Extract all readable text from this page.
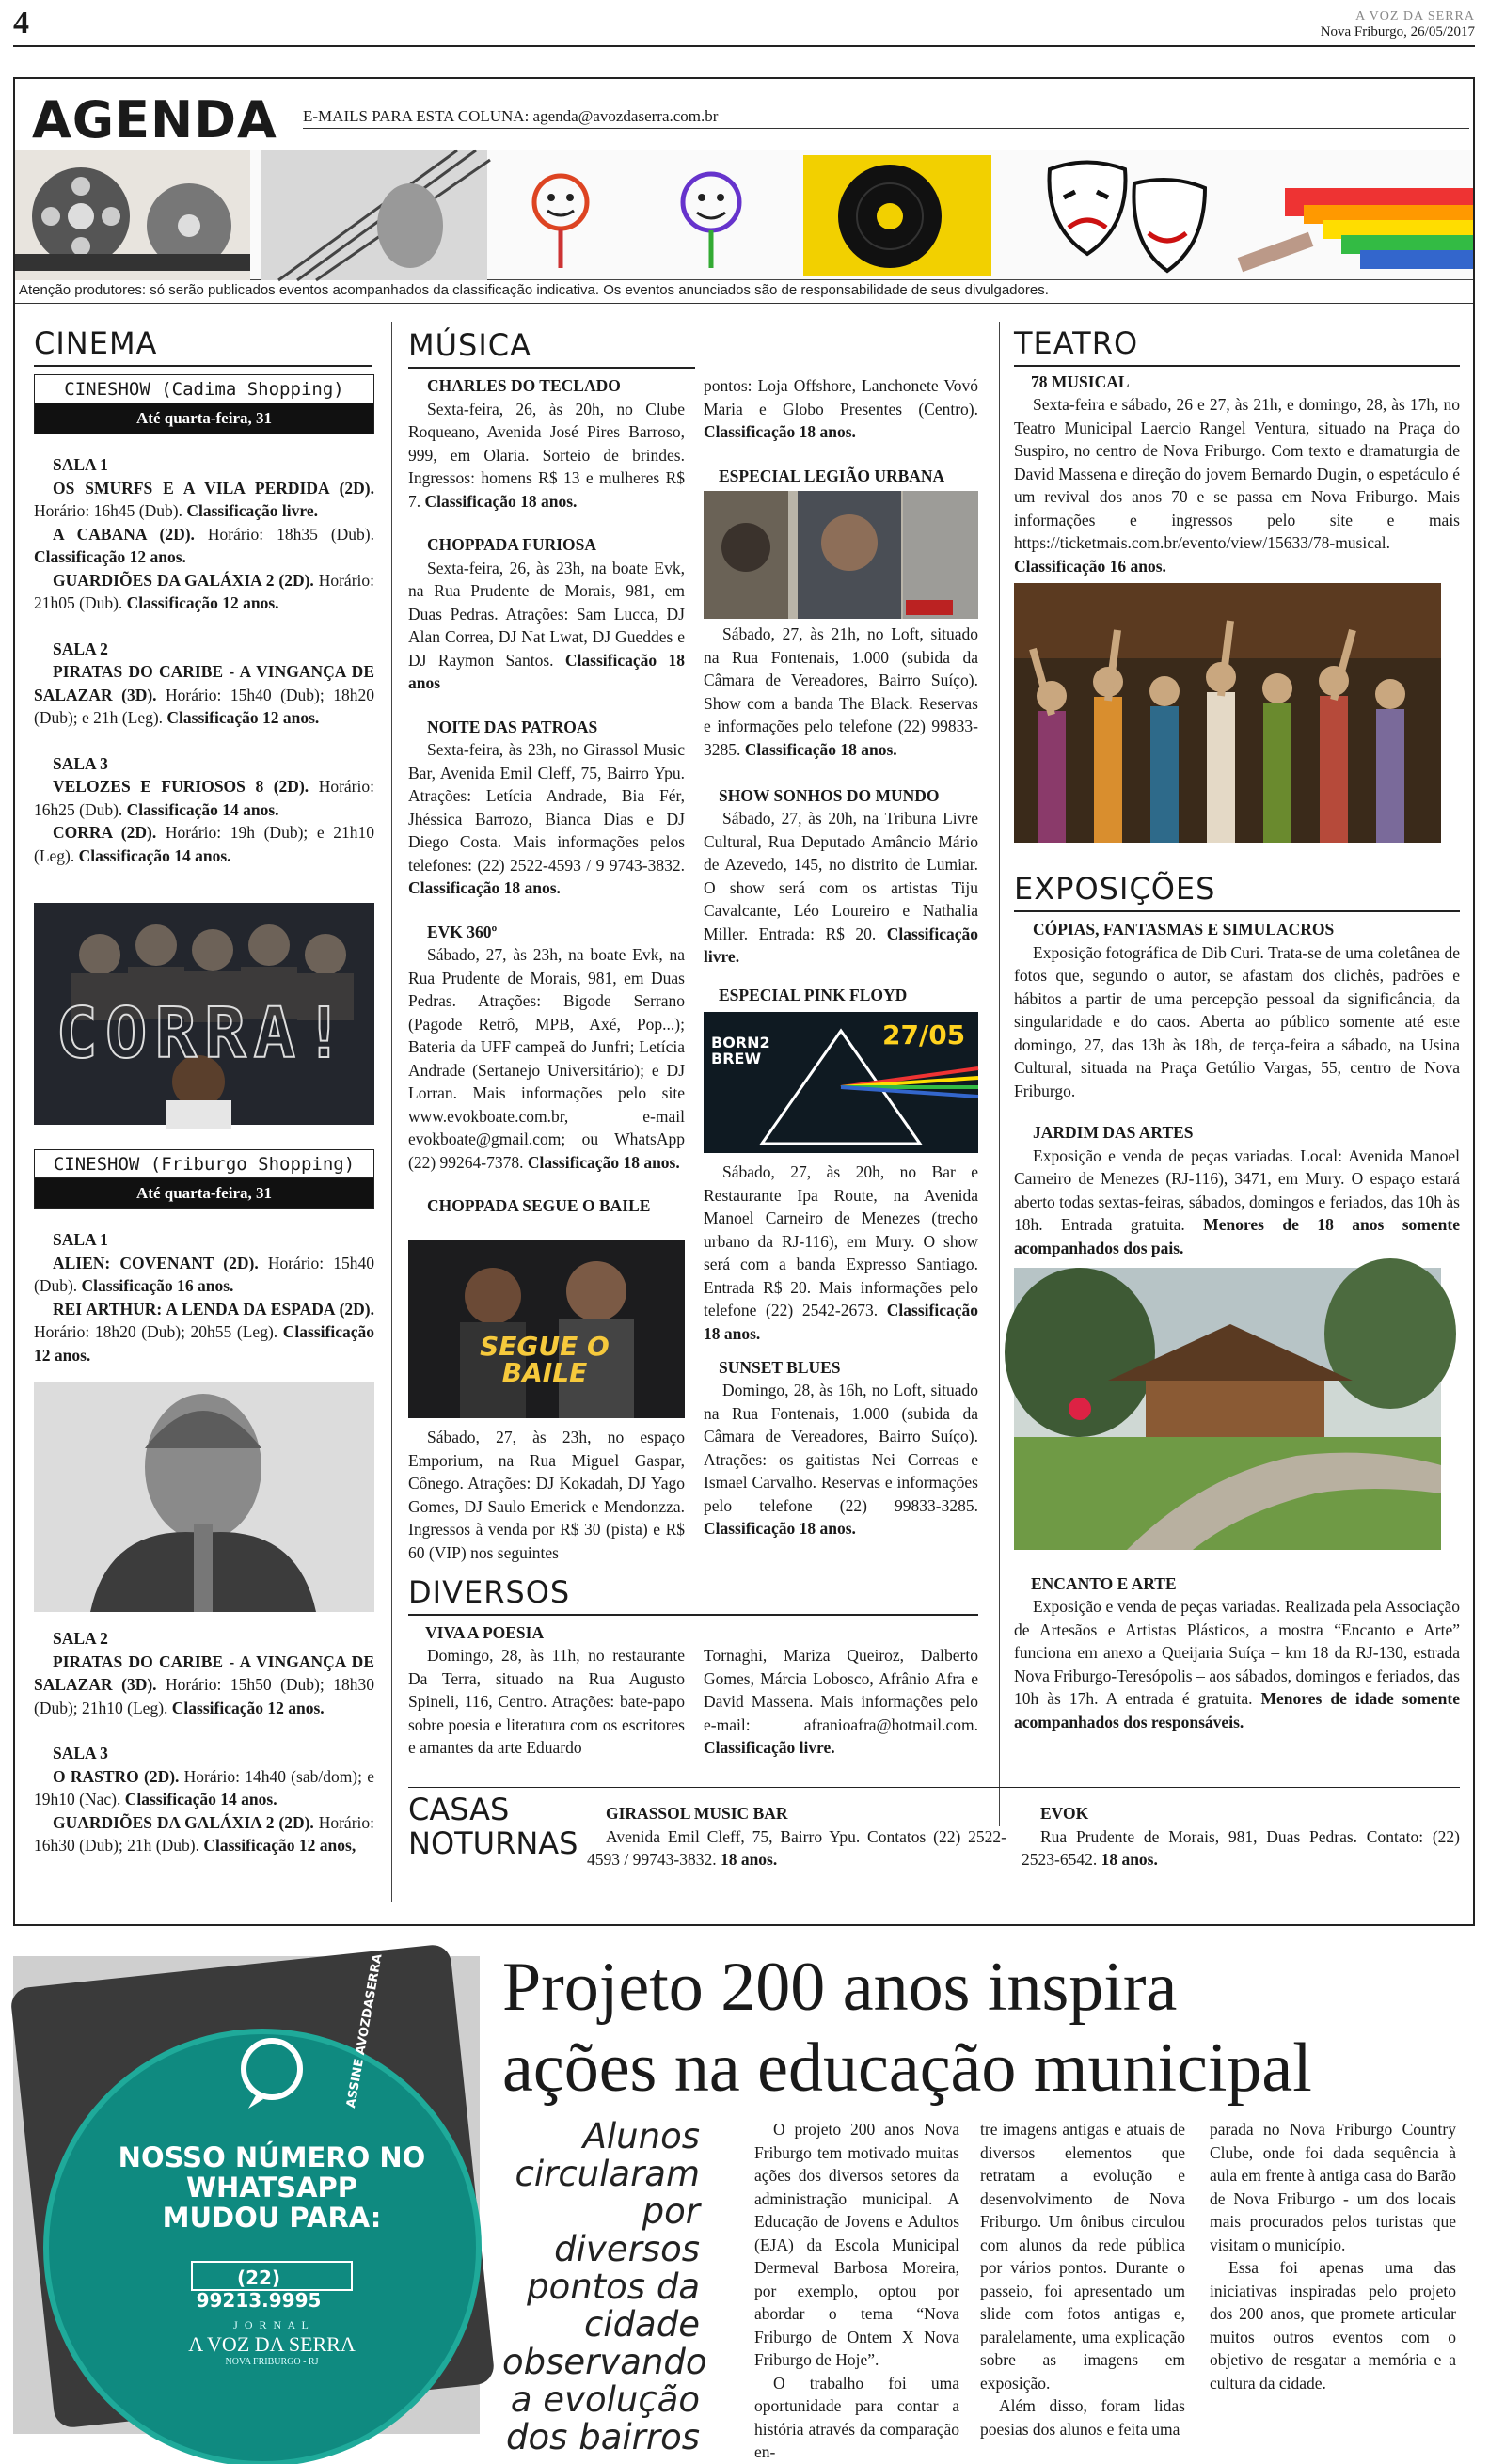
4	A VOZ DA SERRA
Nova Friburgo, 26/05/2017
AGENDA E-MAILS PARA ESTA COLUNA: agenda@avozdaserra.com.br
Atenção produtores: só serão publicados eventos acompanhados da classificação indicativa. Os eventos anunciados são de responsabilidade de seus divulgadores.
CINEMA
CINESHOW (Cadima Shopping)
Até quarta-feira, 31
SALA 1
OS SMURFS E A VILA PERDIDA (2D). Horário: 16h45 (Dub). Classificação livre.
A CABANA (2D). Horário: 18h35 (Dub). Classificação 12 anos.
GUARDIÕES DA GALÁXIA 2 (2D). Horário: 21h05 (Dub). Classificação 12 anos.
SALA 2
PIRATAS DO CARIBE - A VINGANÇA DE SALAZAR (3D). Horário: 15h40 (Dub); 18h20 (Dub); e 21h (Leg). Classificação 12 anos.
SALA 3
VELOZES E FURIOSOS 8 (2D). Horário: 16h25 (Dub). Classificação 14 anos.
CORRA (2D). Horário: 19h (Dub); e 21h10 (Leg). Classificação 14 anos.
CORRA!
CINESHOW (Friburgo Shopping)
Até quarta-feira, 31
SALA 1
ALIEN: COVENANT (2D). Horário: 15h40 (Dub). Classificação 16 anos.
REI ARTHUR: A LENDA DA ESPADA (2D). Horário: 18h20 (Dub); 20h55 (Leg). Classificação 12 anos.
SALA 2
PIRATAS DO CARIBE - A VINGANÇA DE SALAZAR (3D). Horário: 15h50 (Dub); 18h30 (Dub); 21h10 (Leg). Classificação 12 anos.
SALA 3
O RASTRO (2D). Horário: 14h40 (sab/dom); e 19h10 (Nac). Classificação 14 anos.
GUARDIÕES DA GALÁXIA 2 (2D). Horário: 16h30 (Dub); 21h (Dub). Classificação 12 anos,
MÚSICA
CHARLES DO TECLADO
Sexta-feira, 26, às 20h, no Clube Roqueano, Avenida José Pires Barroso, 999, em Olaria. Sorteio de brindes. Ingressos: homens R$ 13 e mulheres R$ 7. Classificação 18 anos.
CHOPPADA FURIOSA
Sexta-feira, 26, às 23h, na boate Evk, na Rua Prudente de Morais, 981, em Duas Pedras. Atrações: Sam Lucca, DJ Alan Correa, DJ Nat Lwat, DJ Gueddes e DJ Raymon Santos. Classificação 18 anos
NOITE DAS PATROAS
Sexta-feira, às 23h, no Girassol Music Bar, Avenida Emil Cleff, 75, Bairro Ypu. Atrações: Letícia Andrade, Bia Fér, Jhéssica Barrozo, Bianca Dias e DJ Diego Costa. Mais informações pelos telefones: (22) 2522-4593 / 9 9743-3832. Classificação 18 anos.
EVK 360º
Sábado, 27, às 23h, na boate Evk, na Rua Prudente de Morais, 981, em Duas Pedras. Atrações: Bigode Serrano (Pagode Retrô, MPB, Axé, Pop...); Bateria da UFF campeã do Junfri; Letícia Andrade (Sertanejo Universitário); e DJ Lorran. Mais informações pelo site www.evokboate.com.br, e-mail evokboate@gmail.com; ou WhatsApp (22) 99264-7378. Classificação 18 anos.
CHOPPADA SEGUE O BAILE
SEGUE O BAILE
Sábado, 27, às 23h, no espaço Emporium, na Rua Miguel Gaspar, Cônego. Atrações: DJ Kokadah, DJ Yago Gomes, DJ Saulo Emerick e Mendonzza. Ingressos à venda por R$ 30 (pista) e R$ 60 (VIP) nos seguintes
pontos: Loja Offshore, Lanchonete Vovó Maria e Globo Presentes (Centro). Classificação 18 anos.
ESPECIAL LEGIÃO URBANA
Sábado, 27, às 21h, no Loft, situado na Rua Fontenais, 1.000 (subida da Câmara de Vereadores, Bairro Suíço). Show com a banda The Black. Reservas e informações pelo telefone (22) 99833-3285. Classificação 18 anos.
SHOW SONHOS DO MUNDO
Sábado, 27, às 20h, na Tribuna Livre Cultural, Rua Deputado Amâncio Mário de Azevedo, 145, no distrito de Lumiar. O show será com os artistas Tiju Cavalcante, Léo Loureiro e Nathalia Miller. Entrada: R$ 20. Classificação livre.
ESPECIAL PINK FLOYD
27/05
BORN2 BREW
Sábado, 27, às 20h, no Bar e Restaurante Ipa Route, na Avenida Manoel Carneiro de Menezes (trecho urbano da RJ-116), em Mury. O show será com a banda Expresso Santiago. Entrada R$ 20. Mais informações pelo telefone (22) 2542-2673. Classificação 18 anos.
SUNSET BLUES
Domingo, 28, às 16h, no Loft, situado na Rua Fontenais, 1.000 (subida da Câmara de Vereadores, Bairro Suíço). Atrações: os gaitistas Nei Correas e Ismael Carvalho. Reservas e informações pelo telefone (22) 99833-3285. Classificação 18 anos.
TEATRO
78 MUSICAL
Sexta-feira e sábado, 26 e 27, às 21h, e domingo, 28, às 17h, no Teatro Municipal Laercio Rangel Ventura, situado na Praça do Suspiro, no centro de Nova Friburgo. Com texto e dramaturgia de David Massena e direção do jovem Bernardo Dugin, o espetáculo é um revival dos anos 70 e se passa em Nova Friburgo. Mais informações e ingressos pelo site e mais https://ticketmais.com.br/evento/view/15633/78-musical. Classificação 16 anos.
EXPOSIÇÕES
CÓPIAS, FANTASMAS E SIMULACROS
Exposição fotográfica de Dib Curi. Trata-se de uma coletânea de fotos que, segundo o autor, se afastam dos clichês, padrões e hábitos a partir de uma percepção pessoal da significância, da singularidade e do caos. Aberta ao público somente até este domingo, 27, das 13h às 18h, de terça-feira a sábado, na Usina Cultural, situada na Praça Getúlio Vargas, 55, centro de Nova Friburgo.
JARDIM DAS ARTES
Exposição e venda de peças variadas. Local: Avenida Manoel Carneiro de Menezes (RJ-116), 3471, em Mury. O espaço estará aberto todas sextas-feiras, sábados, domingos e feriados, das 10h às 18h. Entrada gratuita. Menores de 18 anos somente acompanhados dos pais.
ENCANTO E ARTE
Exposição e venda de peças variadas. Realizada pela Associação de Artesãos e Artistas Plásticos, a mostra “Encanto e Arte” funciona em anexo a Queijaria Suíça – km 18 da RJ-130, estrada Nova Friburgo-Teresópolis – aos sábados, domingos e feriados, das 10h às 17h. A entrada é gratuita. Menores de idade somente acompanhados dos responsáveis.
DIVERSOS
VIVA A POESIA
Domingo, 28, às 11h, no restaurante Da Terra, situado na Rua Augusto Spineli, 116, Centro. Atrações: bate-papo sobre poesia e literatura com os escritores e amantes da arte Eduardo
Tornaghi, Mariza Queiroz, Dalberto Gomes, Márcia Lobosco, Afrânio Afra e David Massena. Mais informações pelo e-mail: afranioafra@hotmail.com. Classificação livre.
CASAS
NOTURNAS
GIRASSOL MUSIC BAR
Avenida Emil Cleff, 75, Bairro Ypu. Contatos (22) 2522-4593 / 99743-3832. 18 anos.
EVOK
Rua Prudente de Morais, 981, Duas Pedras. Contato: (22) 2523-6542. 18 anos.
NOSSO NÚMERO NO
WHATSAPP
MUDOU PARA:
(22) 99213.9995
J O R N A L
A VOZ DA SERRA
NOVA FRIBURGO - RJ
ASSINE AVOZDASERRA Projeto 200 anos inspira
ações na educação municipal
Alunos circularam por diversos pontos da cidade observando a evolução dos bairros

O projeto 200 anos Nova Friburgo tem motivado muitas ações dos diversos setores da administração municipal. A Educação de Jovens e Adultos (EJA) da Escola Municipal Dermeval Barbosa Moreira, por exemplo, optou por abordar o tema “Nova Friburgo de Ontem X Nova Friburgo de Hoje”.

O trabalho foi uma oportunidade para contar a história através da comparação en-

tre imagens antigas e atuais de diversos elementos que retratam a evolução e desenvolvimento de Nova Friburgo. Um ônibus circulou com alunos da rede pública por vários pontos. Durante o passeio, foi apresentado um slide com fotos antigas e, paralelamente, uma explicação sobre as imagens em exposição.

Além disso, foram lidas poesias dos alunos e feita uma

parada no Nova Friburgo Country Clube, onde foi dada sequência à aula em frente à antiga casa do Barão de Nova Friburgo - um dos locais mais procurados pelos turistas que visitam o município.

Essa foi apenas uma das iniciativas inspiradas pelo projeto dos 200 anos, que promete articular muitos outros eventos com o objetivo de resgatar a memória e a cultura da cidade.
